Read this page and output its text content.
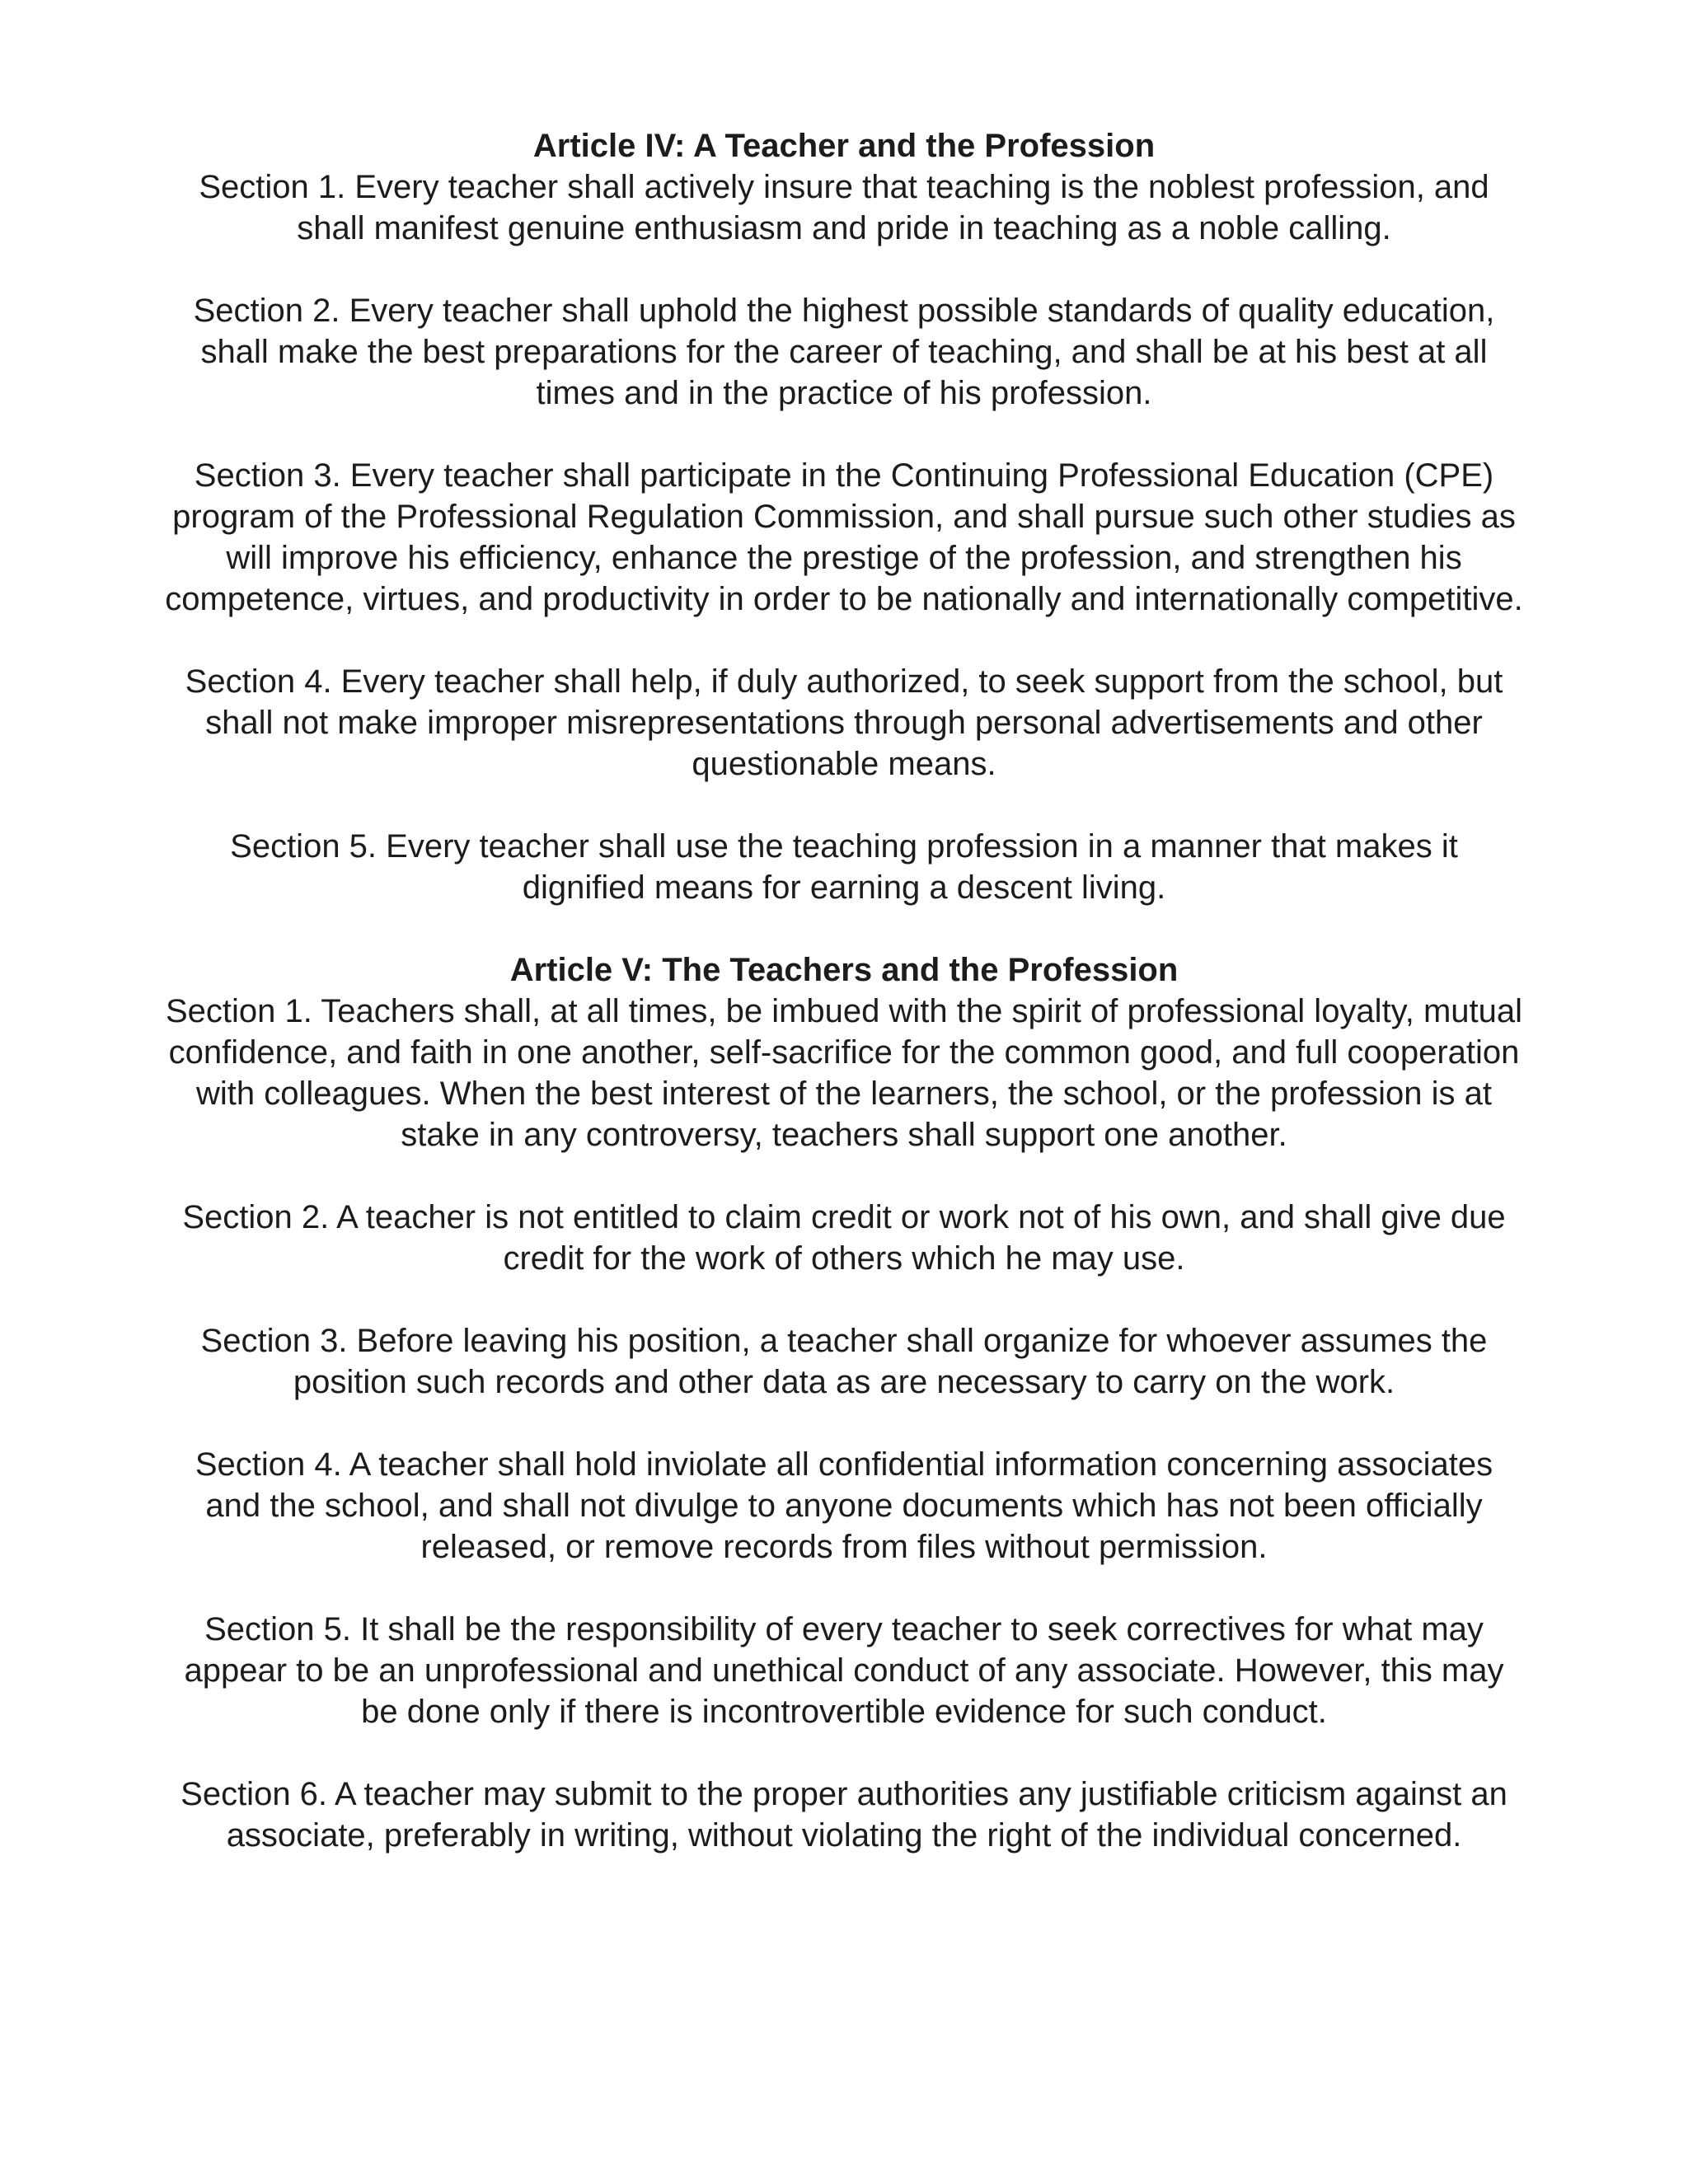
Article IV: A Teacher and the Profession

Section 1. Every teacher shall actively insure that teaching is the noblest profession, and shall manifest genuine enthusiasm and pride in teaching as a noble calling.

Section 2. Every teacher shall uphold the highest possible standards of quality education, shall make the best preparations for the career of teaching, and shall be at his best at all times and in the practice of his profession.

Section 3. Every teacher shall participate in the Continuing Professional Education (CPE) program of the Professional Regulation Commission, and shall pursue such other studies as will improve his efficiency, enhance the prestige of the profession, and strengthen his competence, virtues, and productivity in order to be nationally and internationally competitive.

Section 4. Every teacher shall help, if duly authorized, to seek support from the school, but shall not make improper misrepresentations through personal advertisements and other questionable means.

Section 5. Every teacher shall use the teaching profession in a manner that makes it dignified means for earning a descent living.

Article V: The Teachers and the Profession

Section 1. Teachers shall, at all times, be imbued with the spirit of professional loyalty, mutual confidence, and faith in one another, self-sacrifice for the common good, and full cooperation with colleagues. When the best interest of the learners, the school, or the profession is at stake in any controversy, teachers shall support one another.

Section 2. A teacher is not entitled to claim credit or work not of his own, and shall give due credit for the work of others which he may use.

Section 3. Before leaving his position, a teacher shall organize for whoever assumes the position such records and other data as are necessary to carry on the work.

Section 4. A teacher shall hold inviolate all confidential information concerning associates and the school, and shall not divulge to anyone documents which has not been officially released, or remove records from files without permission.

Section 5. It shall be the responsibility of every teacher to seek correctives for what may appear to be an unprofessional and unethical conduct of any associate. However, this may be done only if there is incontrovertible evidence for such conduct.

Section 6. A teacher may submit to the proper authorities any justifiable criticism against an associate, preferably in writing, without violating the right of the individual concerned.
